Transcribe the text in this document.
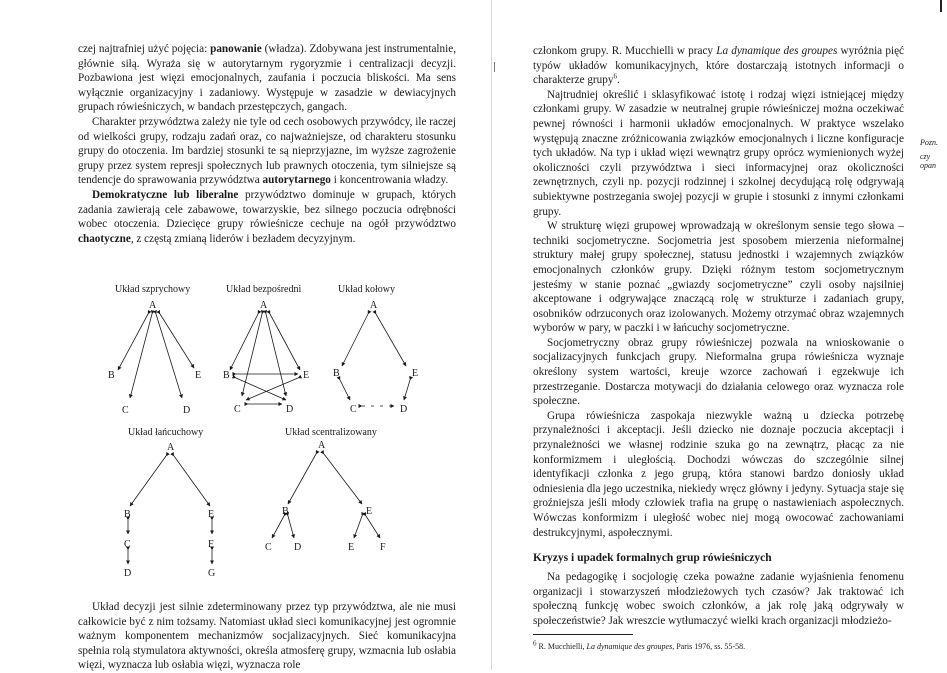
czej najtrafniej użyć pojęcia: panowanie (władza). Zdobywana jest instrumentalnie, głównie siłą. Wyraża się w autorytarnym rygoryzmie i centralizacji decyzji. Pozbawiona jest więzi emocjonalnych, zaufania i poczucia bliskości. Ma sens wyłącznie organizacyjny i zadaniowy. Występuje w zasadzie w dewiacyjnych grupach rówieśniczych, w bandach przestępczych, gangach.

Charakter przywództwa zależy nie tyle od cech osobowych przywódcy, ile raczej od wielkości grupy, rodzaju zadań oraz, co najważniejsze, od charakteru stosunku grupy do otoczenia. Im bardziej stosunki te są nieprzyjazne, im wyższe zagrożenie grupy przez system represji społecznych lub prawnych otoczenia, tym silniejsze są tendencje do sprawowania przywództwa autorytarnego i koncentrowania władzy.

Demokratyczne lub liberalne przywództwo dominuje w grupach, których zadania zawierają cele zabawowe, towarzyskie, bez silnego poczucia odrębności wobec otoczenia. Dziecięce grupy rówieśnicze cechuje na ogół przywództwo chaotyczne, z częstą zmianą liderów i bezładem decyzyjnym.

Układ szprychowy	Układ bezpośredni	Układ kołowy
A
B	E
C	D
A
B	E
C	D
A
B	E
C	D
Układ łańcuchowy	Układ scentralizowany
A
B	E
C	F
D	G
A
B	E
C D	E	F

Układ decyzji jest silnie zdeterminowany przez typ przywództwa, ale nie musi całkowicie być z nim tożsamy. Natomiast układ sieci komunikacyjnej jest ogromnie ważnym komponentem mechanizmów socjalizacyjnych. Sieć komunikacyjna spełnia rolą stymulatora aktywności, określa atmosferę grupy, wzmacnia lub osłabia więzi, wyznacza lub osłabia więzi, wyznacza role

członkom grupy. R. Mucchielli w pracy La dynamique des groupes wyróżnia pięć typów układów komunikacyjnych, które dostarczają istotnych informacji o charakterze grupy$^6$.

Najtrudniej określić i sklasyfikować istotę i rodzaj więzi istniejącej między członkami grupy. W zasadzie w neutralnej grupie rówieśniczej można oczekiwać pewnej równości i harmonii układów emocjonalnych. W praktyce wszelako występują znaczne zróżnicowania związków emocjonalnych i liczne konfiguracje tych układów. Na typ i układ więzi wewnątrz grupy oprócz wymienionych wyżej okoliczności czyli przywództwa i sieci informacyjnej oraz okoliczności zewnętrznych, czyli np. pozycji rodzinnej i szkolnej decydującą rolę odgrywają subiektywne postrzegania swojej pozycji w grupie i stosunki z innymi członkami grupy.

W strukturę więzi grupowej wprowadzają w określonym sensie tego słowa – techniki socjometryczne. Socjometria jest sposobem mierzenia nieformalnej struktury małej grupy społecznej, statusu jednostki i wzajemnych związków emocjonalnych członków grupy. Dzięki różnym testom socjometrycznym jesteśmy w stanie poznać „gwiazdy socjometryczne” czyli osoby najsilniej akceptowane i odgrywające znaczącą rolę w strukturze i zadaniach grupy, osobników odrzuconych oraz izolowanych. Możemy otrzymać obraz wzajemnych wyborów w pary, w paczki i w łańcuchy socjometryczne.

Socjometryczny obraz grupy rówieśniczej pozwala na wnioskowanie o socjalizacyjnych funkcjach grupy. Nieformalna grupa rówieśnicza wyznaje określony system wartości, kreuje wzorce zachowań i egzekwuje ich przestrzeganie. Dostarcza motywacji do działania celowego oraz wyznacza role społeczne.

Grupa rówieśnicza zaspokaja niezwykle ważną u dziecka potrzebę przynależności i akceptacji. Jeśli dziecko nie doznaje poczucia akceptacji i przynależności we własnej rodzinie szuka go na zewnątrz, płacąc za nie konformizmem i uległością. Dochodzi wówczas do szczególnie silnej identyfikacji członka z jego grupą, która stanowi bardzo doniosły układ odniesienia dla jego uczestnika, niekiedy wręcz główny i jedyny. Sytuacja staje się groźniejsza jeśli młody człowiek trafia na grupę o nastawieniach aspołecznych. Wówczas konformizm i uległość wobec niej mogą owocować zachowaniami destrukcyjnymi, aspołecznymi.

Kryzys i upadek formalnych grup rówieśniczych

Na pedagogikę i socjologię czeka poważne zadanie wyjaśnienia fenomenu organizacji i stowarzyszeń młodzieżowych tych czasów? Jak traktować ich społeczną funkcję wobec swoich członków, a jak rolę jaką odgrywały w społeczeństwie? Jak wreszcie wytłumaczyć wielki krach organizacji młodzieżo-

Pozn.
czy opan

$^6$ R. Mucchielli, La dynamique des groupes, Paris 1976, ss. 55-58.
